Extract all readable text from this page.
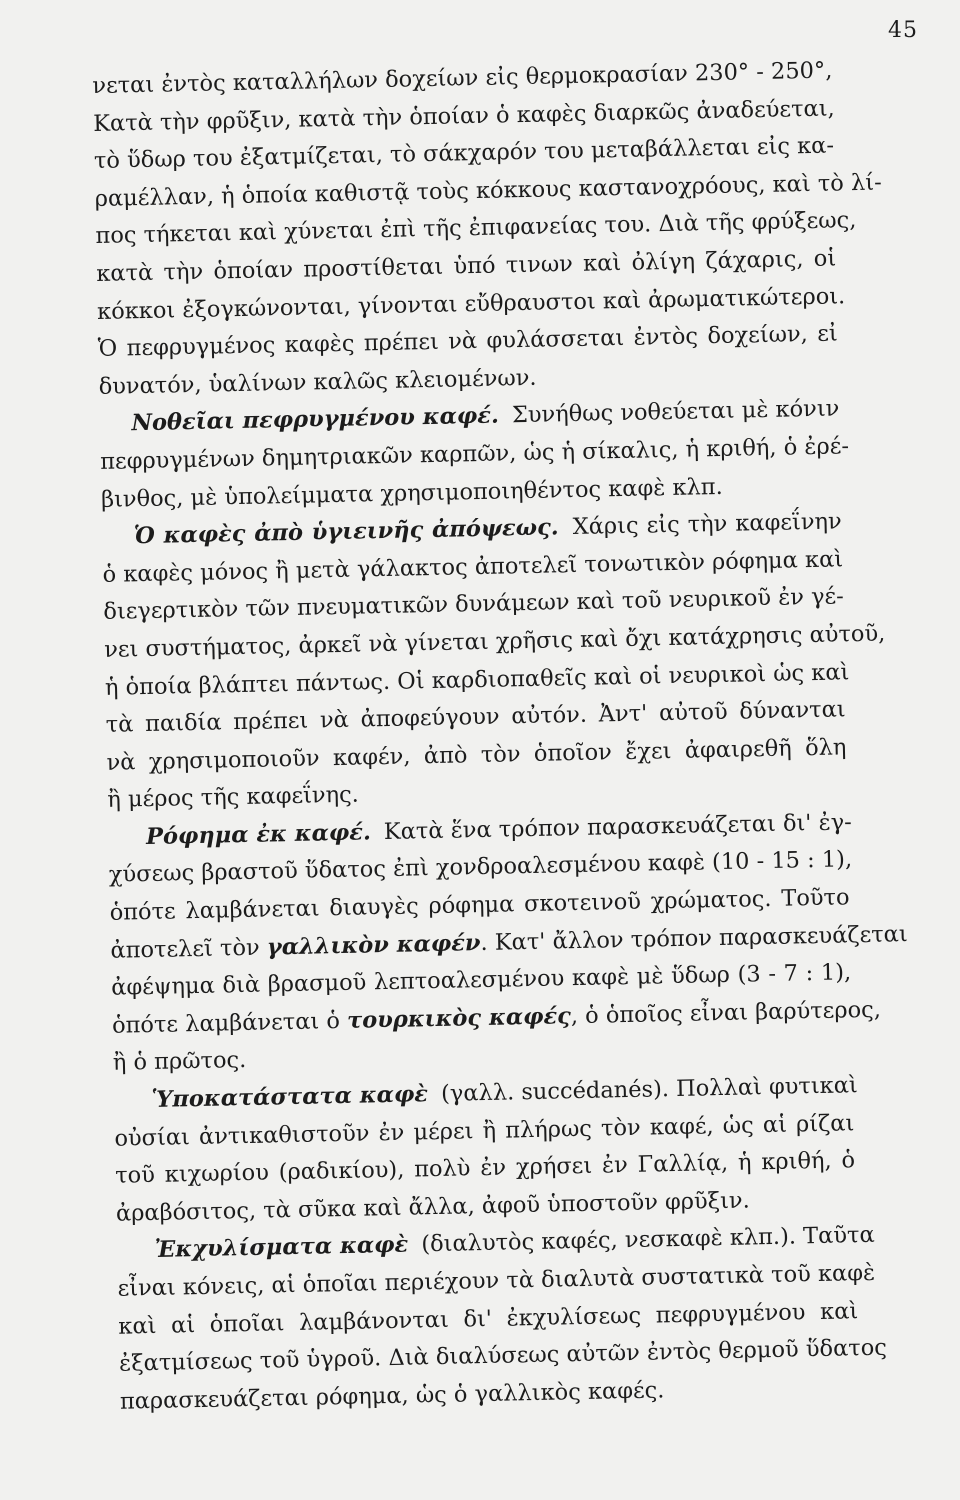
45
νεται ἐντὸς καταλλήλων δοχείων εἰς θερμοκρασίαν 230° - 250°,
Κατὰ τὴν φρῦξιν, κατὰ τὴν ὁποίαν ὁ καφὲς διαρκῶς ἀναδεύεται,
τὸ ὕδωρ του ἐξατμίζεται, τὸ σάκχαρόν του μεταβάλλεται εἰς κα-
ραμέλλαν, ἡ ὁποία καθιστᾷ τοὺς κόκκους καστανοχρόους, καὶ τὸ λί-
πος τήκεται καὶ χύνεται ἐπὶ τῆς ἐπιφανείας του. Διὰ τῆς φρύξεως,
κατὰ τὴν ὁποίαν προστίθεται ὑπό τινων καὶ ὀλίγη ζάχαρις, οἱ
κόκκοι ἐξογκώνονται, γίνονται εὔθραυστοι καὶ ἀρωματικώτεροι.
Ὁ πεφρυγμένος καφὲς πρέπει νὰ φυλάσσεται ἐντὸς δοχείων, εἰ
δυνατόν, ὑαλίνων καλῶς κλειομένων.
Νοθεῖαι πεφρυγμένου καφέ. Συνήθως νοθεύεται μὲ κόνιν
πεφρυγμένων δημητριακῶν καρπῶν, ὡς ἡ σίκαλις, ἡ κριθή, ὁ ἐρέ-
βινθος, μὲ ὑπολείμματα χρησιμοποιηθέντος καφὲ κλπ.
Ὁ καφὲς ἀπὸ ὑγιεινῆς ἀπόψεως. Χάρις εἰς τὴν καφεΐνην
ὁ καφὲς μόνος ἢ μετὰ γάλακτος ἀποτελεῖ τονωτικὸν ρόφημα καὶ
διεγερτικὸν τῶν πνευματικῶν δυνάμεων καὶ τοῦ νευρικοῦ ἐν γέ-
νει συστήματος, ἀρκεῖ νὰ γίνεται χρῆσις καὶ ὄχι κατάχρησις αὐτοῦ,
ἡ ὁποία βλάπτει πάντως. Οἱ καρδιοπαθεῖς καὶ οἱ νευρικοὶ ὡς καὶ
τὰ παιδία πρέπει νὰ ἀποφεύγουν αὐτόν. Ἀντ' αὐτοῦ δύνανται
νὰ χρησιμοποιοῦν καφέν, ἀπὸ τὸν ὁποῖον ἔχει ἀφαιρεθῆ ὅλη
ἢ μέρος τῆς καφεΐνης.
Ρόφημα ἐκ καφέ. Κατὰ ἕνα τρόπον παρασκευάζεται δι' ἐγ-
χύσεως βραστοῦ ὕδατος ἐπὶ χονδροαλεσμένου καφὲ (10 - 15 : 1),
ὁπότε λαμβάνεται διαυγὲς ρόφημα σκοτεινοῦ χρώματος. Τοῦτο
ἀποτελεῖ τὸν γαλλικὸν καφέν. Κατ' ἄλλον τρόπον παρασκευάζεται
ἀφέψημα διὰ βρασμοῦ λεπτοαλεσμένου καφὲ μὲ ὕδωρ (3 - 7 : 1),
ὁπότε λαμβάνεται ὁ τουρκικὸς καφές, ὁ ὁποῖος εἶναι βαρύτερος,
ἢ ὁ πρῶτος.
Ὑποκατάστατα καφὲ (γαλλ. succédanés). Πολλαὶ φυτικαὶ
οὐσίαι ἀντικαθιστοῦν ἐν μέρει ἢ πλήρως τὸν καφέ, ὡς αἱ ρίζαι
τοῦ κιχωρίου (ραδικίου), πολὺ ἐν χρήσει ἐν Γαλλίᾳ, ἡ κριθή, ὁ
ἀραβόσιτος, τὰ σῦκα καὶ ἄλλα, ἀφοῦ ὑποστοῦν φρῦξιν.
Ἐκχυλίσματα καφὲ (διαλυτὸς καφές, νεσκαφὲ κλπ.). Ταῦτα
εἶναι κόνεις, αἱ ὁποῖαι περιέχουν τὰ διαλυτὰ συστατικὰ τοῦ καφὲ
καὶ αἱ ὁποῖαι λαμβάνονται δι' ἐκχυλίσεως πεφρυγμένου καὶ
ἐξατμίσεως τοῦ ὑγροῦ. Διὰ διαλύσεως αὐτῶν ἐντὸς θερμοῦ ὕδατος
παρασκευάζεται ρόφημα, ὡς ὁ γαλλικὸς καφές.
